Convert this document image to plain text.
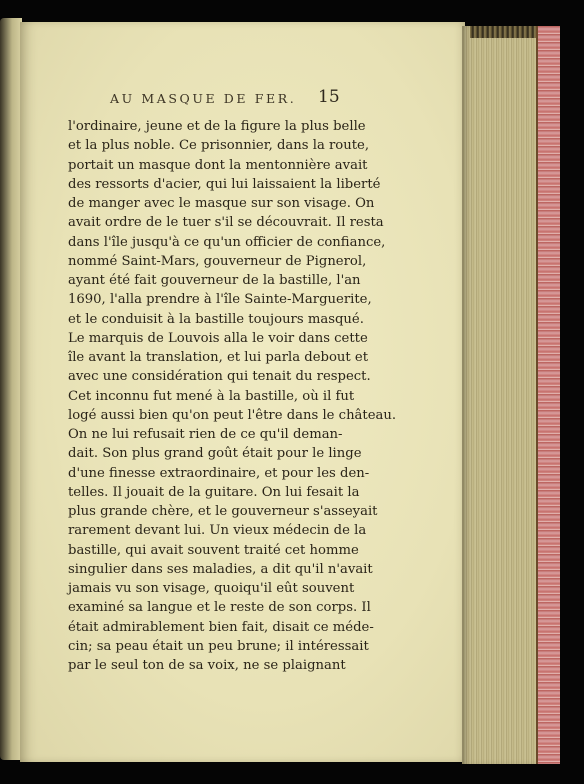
AU MASQUE DE FER.	15
l'ordinaire, jeune et de la figure la plus belle
et la plus noble. Ce prisonnier, dans la route,
portait un masque dont la mentonnière avait
des ressorts d'acier, qui lui laissaient la liberté
de manger avec le masque sur son visage. On
avait ordre de le tuer s'il se découvrait. Il resta
dans l'île jusqu'à ce qu'un officier de confiance,
nommé Saint-Mars, gouverneur de Pignerol,
ayant été fait gouverneur de la bastille, l'an
1690, l'alla prendre à l'île Sainte-Marguerite,
et le conduisit à la bastille toujours masqué.
Le marquis de Louvois alla le voir dans cette
île avant la translation, et lui parla debout et
avec une considération qui tenait du respect.
Cet inconnu fut mené à la bastille, où il fut
logé aussi bien qu'on peut l'être dans le château.
On ne lui refusait rien de ce qu'il deman-
dait. Son plus grand goût était pour le linge
d'une finesse extraordinaire, et pour les den-
telles. Il jouait de la guitare. On lui fesait la
plus grande chère, et le gouverneur s'asseyait
rarement devant lui. Un vieux médecin de la
bastille, qui avait souvent traité cet homme
singulier dans ses maladies, a dit qu'il n'avait
jamais vu son visage, quoiqu'il eût souvent
examiné sa langue et le reste de son corps. Il
était admirablement bien fait, disait ce méde-
cin; sa peau était un peu brune; il intéressait
par le seul ton de sa voix, ne se plaignant
